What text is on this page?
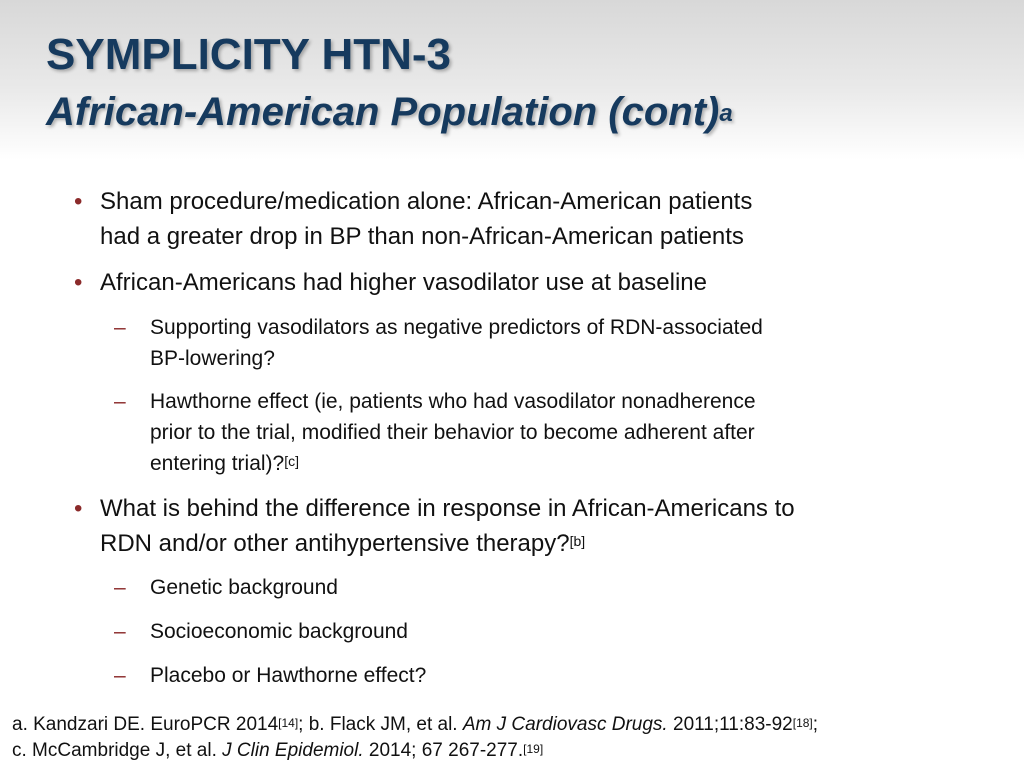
SYMPLICITY HTN-3
African-American Population (cont)$^a$
• Sham procedure/medication alone: African-American patients
had a greater drop in BP than non-African-American patients
• African-Americans had higher vasodilator use at baseline
– Supporting vasodilators as negative predictors of RDN-associated
BP-lowering?
– Hawthorne effect (ie, patients who had vasodilator nonadherence
prior to the trial, modified their behavior to become adherent after
entering trial)?[c]
• What is behind the difference in response in African-Americans to
RDN and/or other antihypertensive therapy?[b]
– Genetic background
– Socioeconomic background
– Placebo or Hawthorne effect?
a. Kandzari DE. EuroPCR 2014[14]; b. Flack JM, et al. Am J Cardiovasc Drugs. 2011;11:83-92[18];
c. McCambridge J, et al. J Clin Epidemiol. 2014; 67 267-277.[19]
